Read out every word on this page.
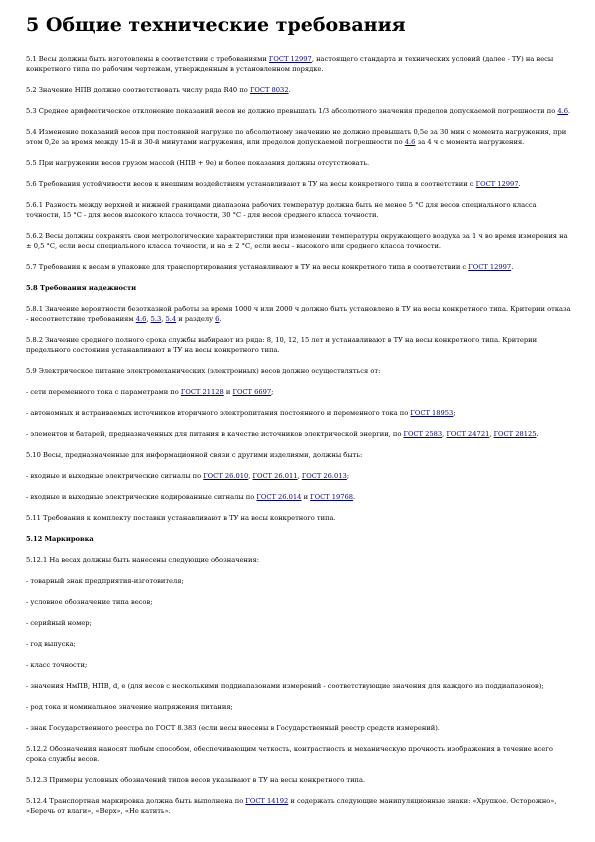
5 Общие технические требования

5.1 Весы должны быть изготовлены в соответствии с требованиями ГОСТ 12997, настоящего стандарта и технических условий (далее - ТУ) на весы конкретного типа по рабочим чертежам, утвержденным в установленном порядке.

5.2 Значение НПВ должно соответствовать числу ряда R40 по ГОСТ 8032.

5.3 Среднее арифметическое отклонение показаний весов не должно превышать 1/3 абсолютного значения пределов допускаемой погрешности по 4.6.

5.4 Изменение показаний весов при постоянной нагрузке по абсолютному значению не должно превышать 0,5e за 30 мин с момента нагружения, при этом 0,2e за время между 15-й и 30-й минутами нагружения, или пределов допускаемой погрешности по 4.6 за 4 ч с момента нагружения.

5.5 При нагружении весов грузом массой (НПВ + 9e) и более показания должны отсутствовать.

5.6 Требования устойчивости весов к внешним воздействиям устанавливают в ТУ на весы конкретного типа в соответствии с ГОСТ 12997.

5.6.1 Разность между верхней и нижней границами диапазона рабочих температур должна быть не менее 5 °С для весов специального класса точности, 15 °С - для весов высокого класса точности, 30 °С - для весов среднего класса точности.

5.6.2 Весы должны сохранять свои метрологические характеристики при изменении температуры окружающего воздуха за 1 ч во время измерения на ± 0,5 °С, если весы специального класса точности, и на ± 2 °С, если весы - высокого или среднего класса точности.

5.7 Требования к весам в упаковке для транспортирования устанавливают в ТУ на весы конкретного типа в соответствии с ГОСТ 12997.

5.8 Требования надежности

5.8.1 Значение вероятности безотказной работы за время 1000 ч или 2000 ч должно быть установлено в ТУ на весы конкретного типа. Критерии отказа - несоответствие требованиям 4.6, 5.3, 5.4 и разделу 6.

5.8.2 Значение среднего полного срока службы выбирают из ряда: 8, 10, 12, 15 лет и устанавливают в ТУ на весы конкретного типа. Критерии предельного состояния устанавливают в ТУ на весы конкретного типа.

5.9 Электрическое питание электромеханических (электронных) весов должно осуществляться от:

- сети переменного тока с параметрами по ГОСТ 21128 и ГОСТ 6697;

- автономных и встраиваемых источников вторичного электропитания постоянного и переменного тока по ГОСТ 18953;

- элементов и батарей, предназначенных для питания в качестве источников электрической энергии, по ГОСТ 2583, ГОСТ 24721, ГОСТ 28125.

5.10 Весы, предназначенные для информационной связи с другими изделиями, должны быть:

- входные и выходные электрические сигналы по ГОСТ 26.010, ГОСТ 26.011, ГОСТ 26.013;

- входные и выходные электрические кодированные сигналы по ГОСТ 26.014 и ГОСТ 19768.

5.11 Требования к комплекту поставки устанавливают в ТУ на весы конкретного типа.

5.12 Маркировка

5.12.1 На весах должны быть нанесены следующие обозначения:

- товарный знак предприятия-изготовителя;

- условное обозначение типа весов;

- серийный номер;

- год выпуска;

- класс точности;

- значения НмПВ, НПВ, d, e (для весов с несколькими поддиапазонами измерений - соответствующие значения для каждого из поддиапазонов);

- род тока и номинальное значение напряжения питания;

- знак Государственного реестра по ГОСТ 8.383 (если весы внесены в Государственный реестр средств измерений).

5.12.2 Обозначения наносят любым способом, обеспечивающим четкость, контрастность и механическую прочность изображения в течение всего срока службы весов.

5.12.3 Примеры условных обозначений типов весов указывают в ТУ на весы конкретного типа.

5.12.4 Транспортная маркировка должна быть выполнена по ГОСТ 14192 и содержать следующие манипуляционные знаки: «Хрупкое. Осторожно», «Беречь от влаги», «Верх», «Не катить».
